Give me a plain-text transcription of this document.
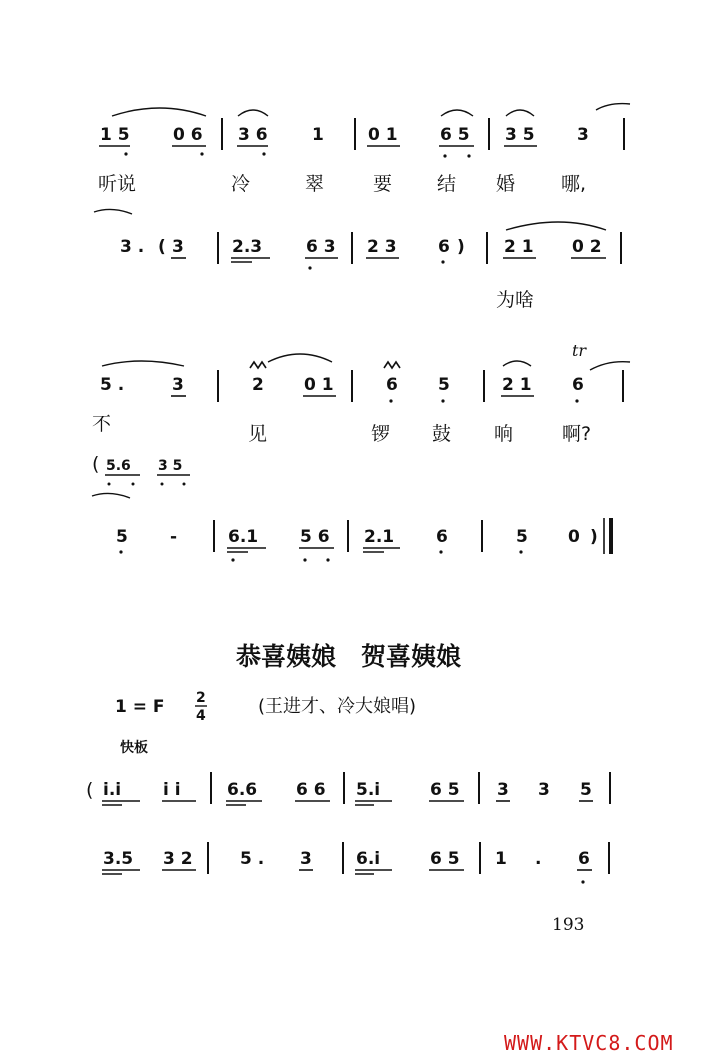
1 5	0 6 3 6	1	0 1 6 5 3 5 3
听说	冷	翠	要 结 婚 哪,
3 . ( 3	2.3	6 3 2 3 6 ) 2 1 0 2
为啥
tr
5 .	3	2 0 1	6 5	2 1 6
不	见	锣 鼓 响	啊?
( 5.6 3 5
5 -	6.1 5 6 2.1 6	5 0 )
恭喜姨娘　贺喜姨娘
1 = F 2
4	(王进才、冷大娘唱)
快板
( i.i i i	6.6 6 6 5.i	6 5 3 3 5
3.5 3 2	5 . 3	6.i	6 5 1 . 6
193
WWW.KTVC8.COM
